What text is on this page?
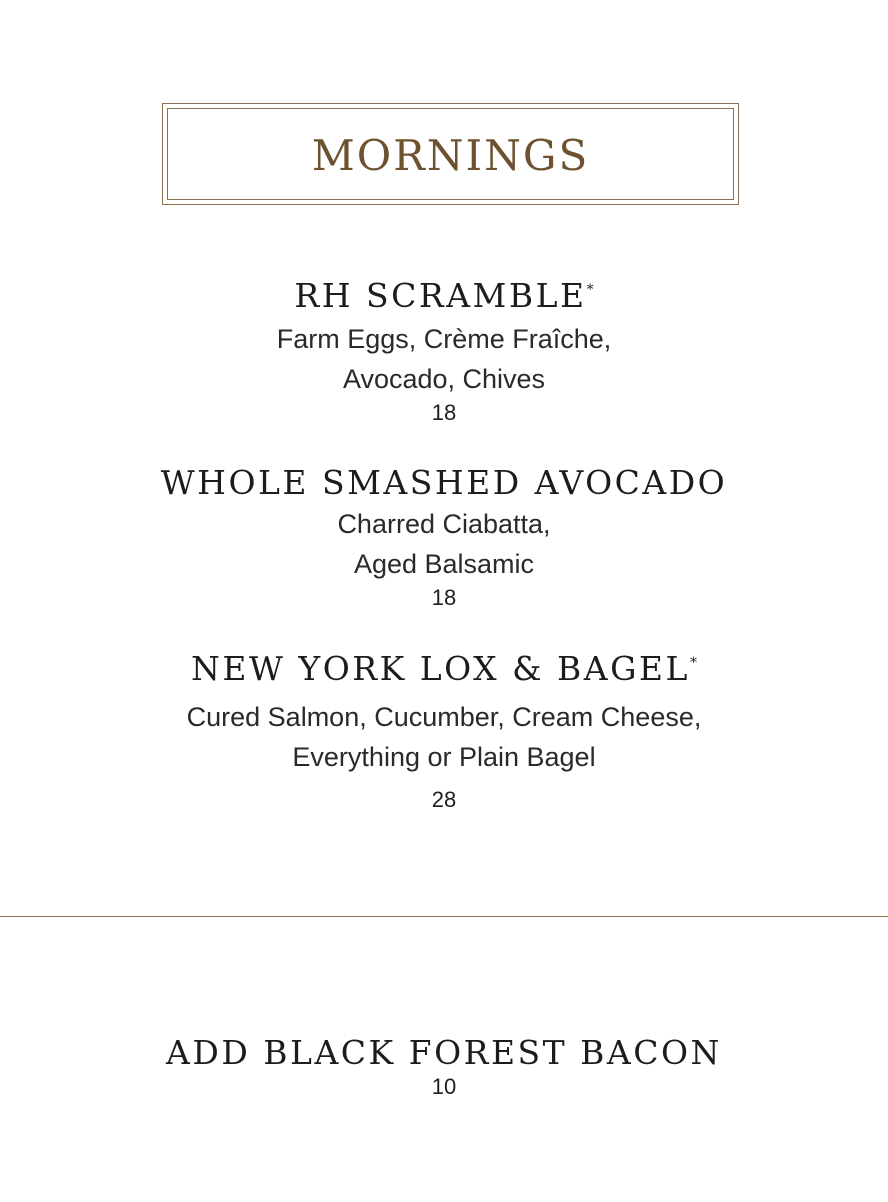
MORNINGS
RH SCRAMBLE*
Farm Eggs, Crème Fraîche,
Avocado, Chives
18
WHOLE SMASHED AVOCADO
Charred Ciabatta,
Aged Balsamic
18
NEW YORK LOX & BAGEL*
Cured Salmon, Cucumber, Cream Cheese,
Everything or Plain Bagel
28
ADD BLACK FOREST BACON
10
